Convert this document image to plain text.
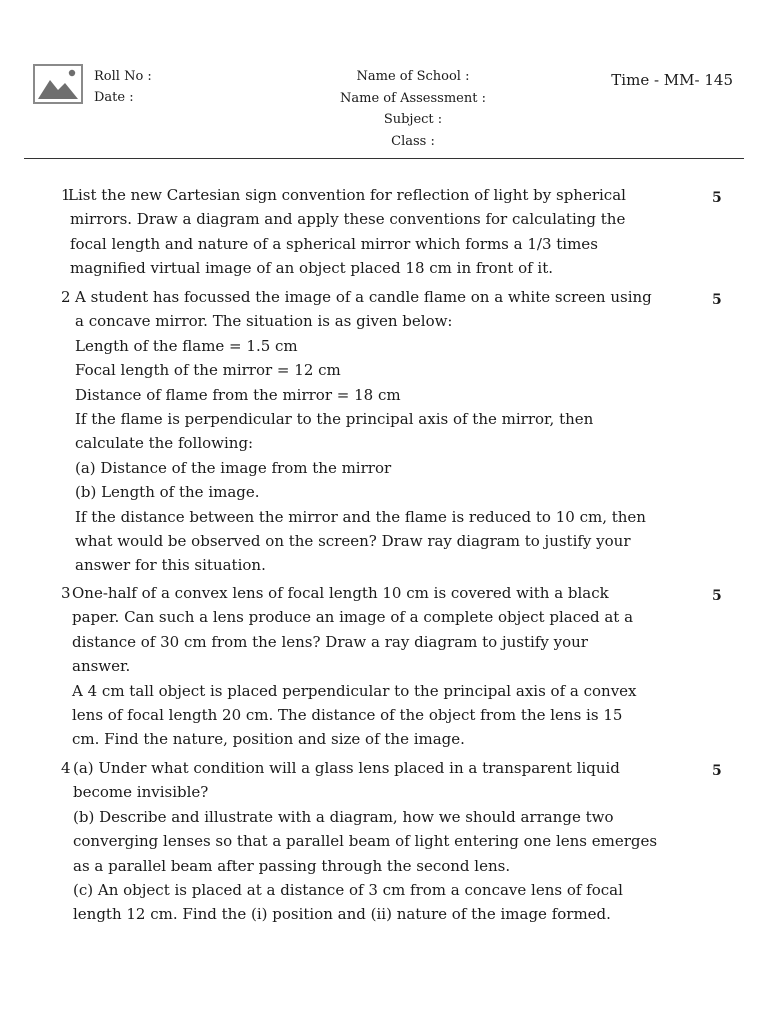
Roll No :
Date :
Name of School :
Name of Assessment :
Subject :
Class :
Time - MM- 145
1
List the new Cartesian sign convention for reflection of light by spherical
mirrors. Draw a diagram and apply these conventions for calculating the
focal length and nature of a spherical mirror which forms a 1/3 times
magnified virtual image of an object placed 18 cm in front of it.
5
2 A student has focussed the image of a candle flame on a white screen using
a concave mirror. The situation is as given below:
Length of the flame = 1.5 cm
Focal length of the mirror = 12 cm
Distance of flame from the mirror = 18 cm
If the flame is perpendicular to the principal axis of the mirror, then
calculate the following:
(a) Distance of the image from the mirror
(b) Length of the image.
If the distance between the mirror and the flame is reduced to 10 cm, then
what would be observed on the screen? Draw ray diagram to justify your
answer for this situation.
5
3 One-half of a convex lens of focal length 10 cm is covered with a black
paper. Can such a lens produce an image of a complete object placed at a
distance of 30 cm from the lens? Draw a ray diagram to justify your
answer.
A 4 cm tall object is placed perpendicular to the principal axis of a convex
lens of focal length 20 cm. The distance of the object from the lens is 15
cm. Find the nature, position and size of the image.
5
4 (a) Under what condition will a glass lens placed in a transparent liquid
become invisible?
(b) Describe and illustrate with a diagram, how we should arrange two
converging lenses so that a parallel beam of light entering one lens emerges
as a parallel beam after passing through the second lens.
(c) An object is placed at a distance of 3 cm from a concave lens of focal
length 12 cm. Find the (i) position and (ii) nature of the image formed.
5
